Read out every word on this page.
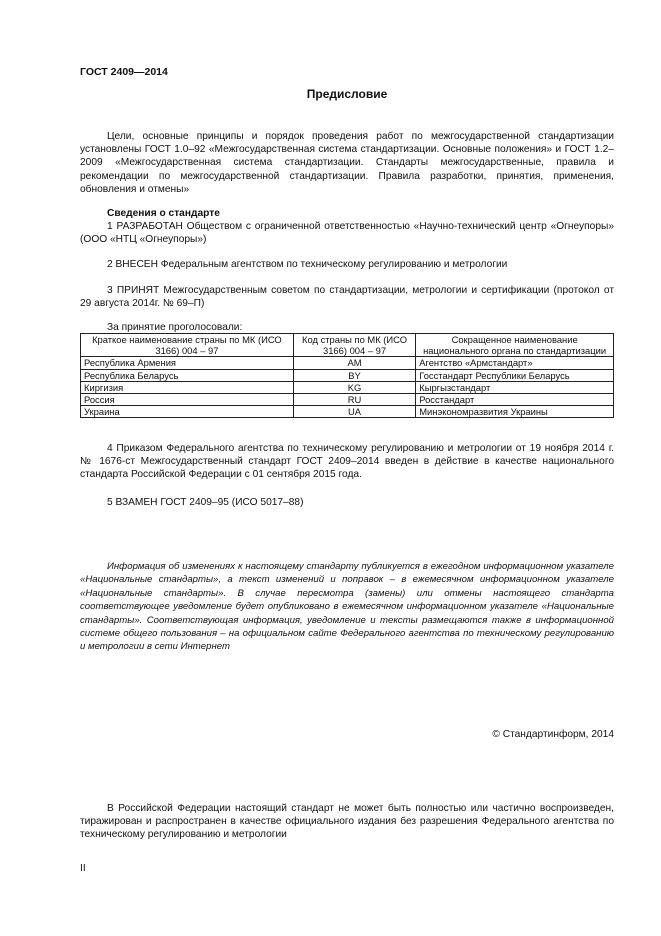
ГОСТ 2409—2014
Предисловие
Цели, основные принципы и порядок проведения работ по межгосударственной стандартизации установлены ГОСТ 1.0–92 «Межгосударственная система стандартизации. Основные положения» и ГОСТ 1.2–2009 «Межгосударственная система стандартизации. Стандарты межгосударственные, правила и рекомендации по межгосударственной стандартизации. Правила разработки, принятия, применения, обновления и отмены»
Сведения о стандарте
1 РАЗРАБОТАН Обществом с ограниченной ответственностью «Научно-технический центр «Огнеупоры» (ООО «НТЦ «Огнеупоры»)
2 ВНЕСЕН Федеральным агентством по техническому регулированию и метрологии
3 ПРИНЯТ Межгосударственным советом по стандартизации, метрологии и сертификации (протокол от 29 августа 2014г. № 69–П)
За принятие проголосовали:
Краткое наименование страны по МК (ИСО 3166) 004 – 97	Код страны по МК (ИСО 3166) 004 – 97	Сокращенное наименование национального органа по стандартизации
Республика Армения	AM	Агентство «Армстандарт»
Республика Беларусь	BY	Госстандарт Республики Беларусь
Киргизия	KG	Кыргызстандарт
Россия	RU	Росстандарт
Украина	UA	Минэкономразвития Украины
4 Приказом Федерального агентства по техническому регулированию и метрологии от 19 ноября 2014 г. № 1676-ст Межгосударственный стандарт ГОСТ 2409–2014 введен в действие в качестве национального стандарта Российской Федерации с 01 сентября 2015 года.
5 ВЗАМЕН ГОСТ 2409–95 (ИСО 5017–88)
Информация об изменениях к настоящему стандарту публикуется в ежегодном информационном указателе «Национальные стандарты», а текст изменений и поправок – в ежемесячном информационном указателе «Национальные стандарты». В случае пересмотра (замены) или отмены настоящего стандарта соответствующее уведомление будет опубликовано в ежемесячном информационном указателе «Национальные стандарты». Соответствующая информация, уведомление и тексты размещаются также в информационной системе общего пользования – на официальном сайте Федерального агентства по техническому регулированию и метрологии в сети Интернет
© Стандартинформ, 2014
В Российской Федерации настоящий стандарт не может быть полностью или частично воспроизведен, тиражирован и распространен в качестве официального издания без разрешения Федерального агентства по техническому регулированию и метрологии
II
